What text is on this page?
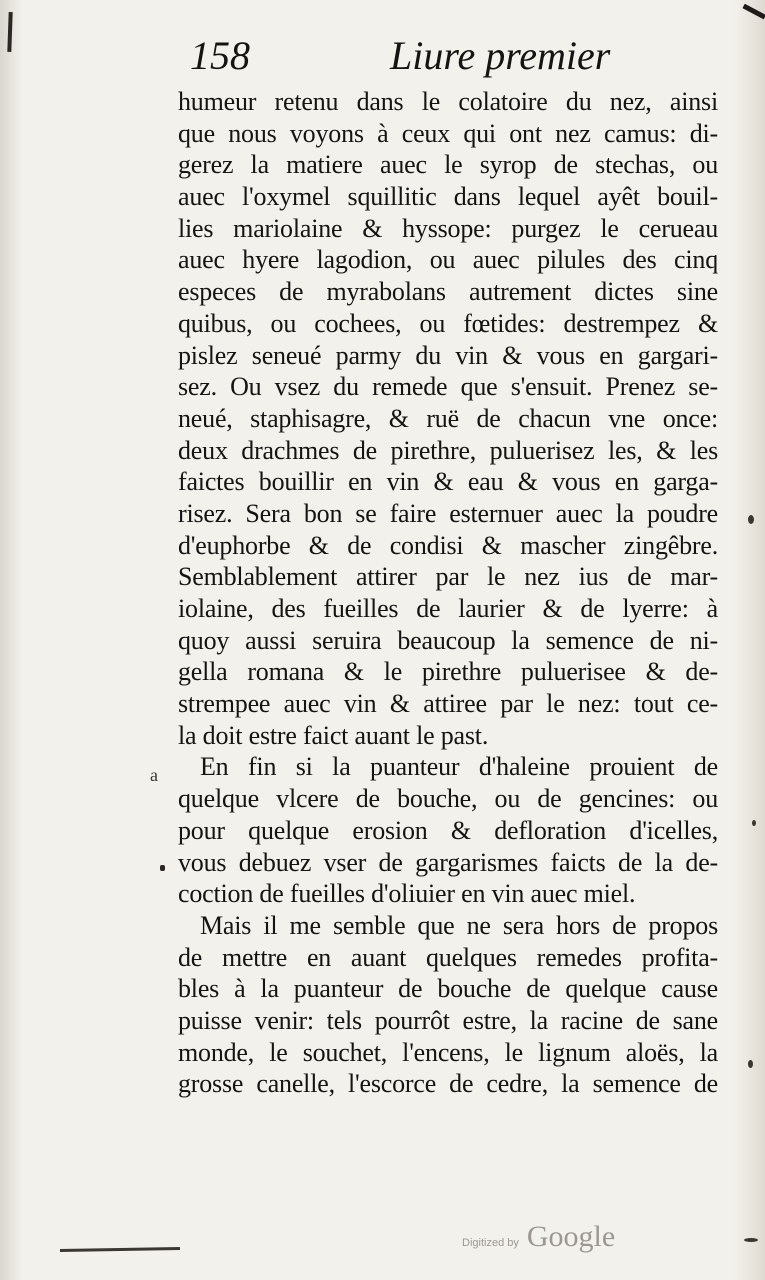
158	Liure premier
humeur retenu dans le colatoire du nez, ainsi
que nous voyons à ceux qui ont nez camus: di-
gerez la matiere auec le syrop de stechas, ou
auec l'oxymel squillitic dans lequel ayêt bouil-
lies mariolaine & hyssope: purgez le cerueau
auec hyere lagodion, ou auec pilules des cinq
especes de myrabolans autrement dictes sine
quibus, ou cochees, ou fœtides: destrempez &
pislez seneué parmy du vin & vous en gargari-
sez. Ou vsez du remede que s'ensuit. Prenez se-
neué, staphisagre, & ruë de chacun vne once:
deux drachmes de pirethre, puluerisez les, & les
faictes bouillir en vin & eau & vous en garga-
risez. Sera bon se faire esternuer auec la poudre
d'euphorbe & de condisi & mascher zingêbre.
Semblablement attirer par le nez ius de mar-
iolaine, des fueilles de laurier & de lyerre: à
quoy aussi seruira beaucoup la semence de ni-
gella romana & le pirethre puluerisee & de-
strempee auec vin & attiree par le nez: tout ce-
la doit estre faict auant le past.
En fin si la puanteur d'haleine prouient de
quelque vlcere de bouche, ou de gencines: ou
pour quelque erosion & defloration d'icelles,
vous debuez vser de gargarismes faicts de la de-
coction de fueilles d'oliuier en vin auec miel.
Mais il me semble que ne sera hors de propos
de mettre en auant quelques remedes profita-
bles à la puanteur de bouche de quelque cause
puisse venir: tels pourrôt estre, la racine de sane
monde, le souchet, l'encens, le lignum aloës, la
grosse canelle, l'escorce de cedre, la semence de
a
Digitized by Google
